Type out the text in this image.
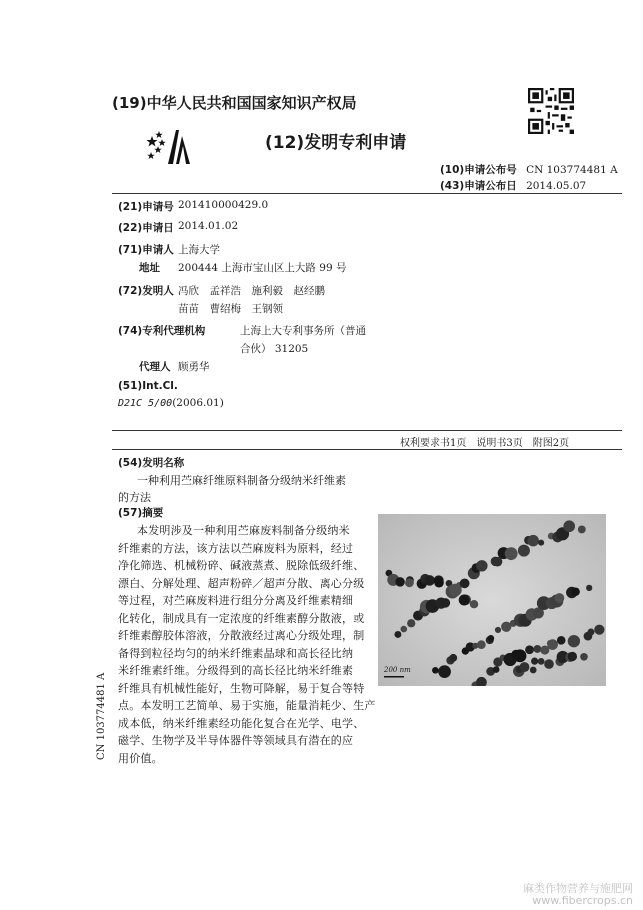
(19)中华人民共和国国家知识产权局
(12)发明专利申请
(10)申请公布号 CN 103774481 A
(43)申请公布日 2014.05.07
(21)申请号 201410000429.0
(22)申请日 2014.01.02
(71)申请人 上海大学
地址 200444 上海市宝山区上大路 99 号
(72)发明人 冯欣　孟祥浩　施利毅　赵经鹏
苗苗　曹绍梅　王钢领
(74)专利代理机构	上海上大专利事务所（普通
合伙） 31205
代理人 顾勇华
(51)Int.Cl.
D21C 5/00(2006.01)
权利要求书1页　说明书3页　附图2页
(54)发明名称
一种利用苎麻纤维原料制备分级纳米纤维素
的方法
(57)摘要
本发明涉及一种利用苎麻废料制备分级纳米
纤维素的方法，该方法以苎麻废料为原料，经过
净化筛选、机械粉碎、碱液蒸煮、脱除低级纤维、
漂白、分解处理、超声粉碎／超声分散、离心分级
等过程，对苎麻废料进行组分分离及纤维素精细
化转化，制成具有一定浓度的纤维素醇分散液，或
纤维素醇胶体溶液，分散液经过离心分级处理，制
备得到粒径均匀的纳米纤维素晶球和高长径比纳
米纤维素纤维。分级得到的高长径比纳米纤维素
纤维具有机械性能好，生物可降解，易于复合等特
点。本发明工艺简单、易于实施，能量消耗少、生产
成本低，纳米纤维素经功能化复合在光学、电学、
磁学、生物学及半导体器件等领域具有潜在的应
用价值。
200 nm
CN 103774481 A
麻类作物营养与施肥网
www.fibercrops.cn
